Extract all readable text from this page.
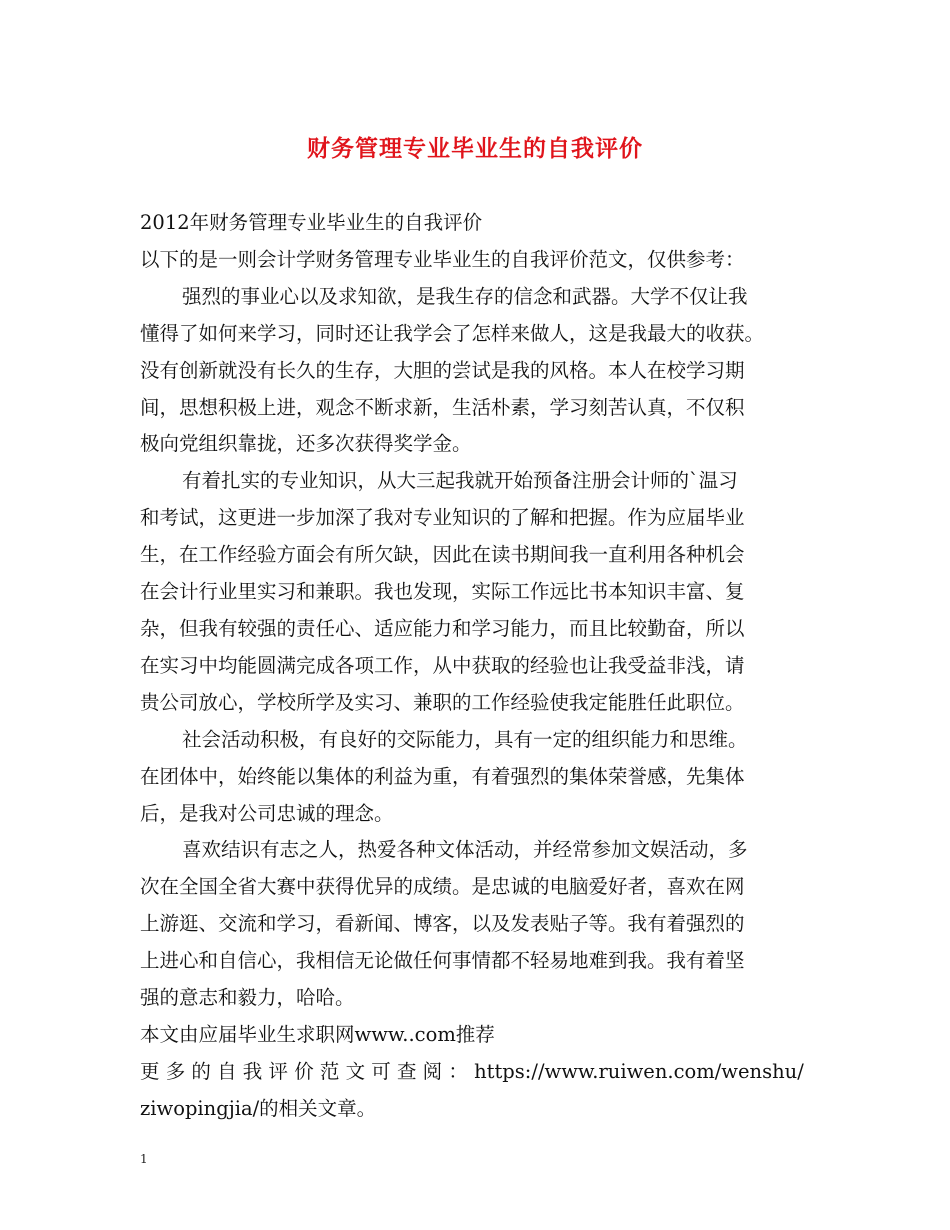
财务管理专业毕业生的自我评价
2012年财务管理专业毕业生的自我评价
以下的是一则会计学财务管理专业毕业生的自我评价范文，仅供参考：
强烈的事业心以及求知欲，是我生存的信念和武器。大学不仅让我
懂得了如何来学习，同时还让我学会了怎样来做人，这是我最大的收获。
没有创新就没有长久的生存，大胆的尝试是我的风格。本人在校学习期
间，思想积极上进，观念不断求新，生活朴素，学习刻苦认真，不仅积
极向党组织靠拢，还多次获得奖学金。
有着扎实的专业知识，从大三起我就开始预备注册会计师的`温习
和考试，这更进一步加深了我对专业知识的了解和把握。作为应届毕业
生，在工作经验方面会有所欠缺，因此在读书期间我一直利用各种机会
在会计行业里实习和兼职。我也发现，实际工作远比书本知识丰富、复
杂，但我有较强的责任心、适应能力和学习能力，而且比较勤奋，所以
在实习中均能圆满完成各项工作，从中获取的经验也让我受益非浅，请
贵公司放心，学校所学及实习、兼职的工作经验使我定能胜任此职位。
社会活动积极，有良好的交际能力，具有一定的组织能力和思维。
在团体中，始终能以集体的利益为重，有着强烈的集体荣誉感，先集体
后，是我对公司忠诚的理念。
喜欢结识有志之人，热爱各种文体活动，并经常参加文娱活动，多
次在全国全省大赛中获得优异的成绩。是忠诚的电脑爱好者，喜欢在网
上游逛、交流和学习，看新闻、博客，以及发表贴子等。我有着强烈的
上进心和自信心，我相信无论做任何事情都不轻易地难到我。我有着坚
强的意志和毅力，哈哈。
本文由应届毕业生求职网www..com推荐
更 多 的 自 我 评 价 范 文 可 查 阅 ： https://www.ruiwen.com/wenshu/
ziwopingjia/的相关文章。
1
